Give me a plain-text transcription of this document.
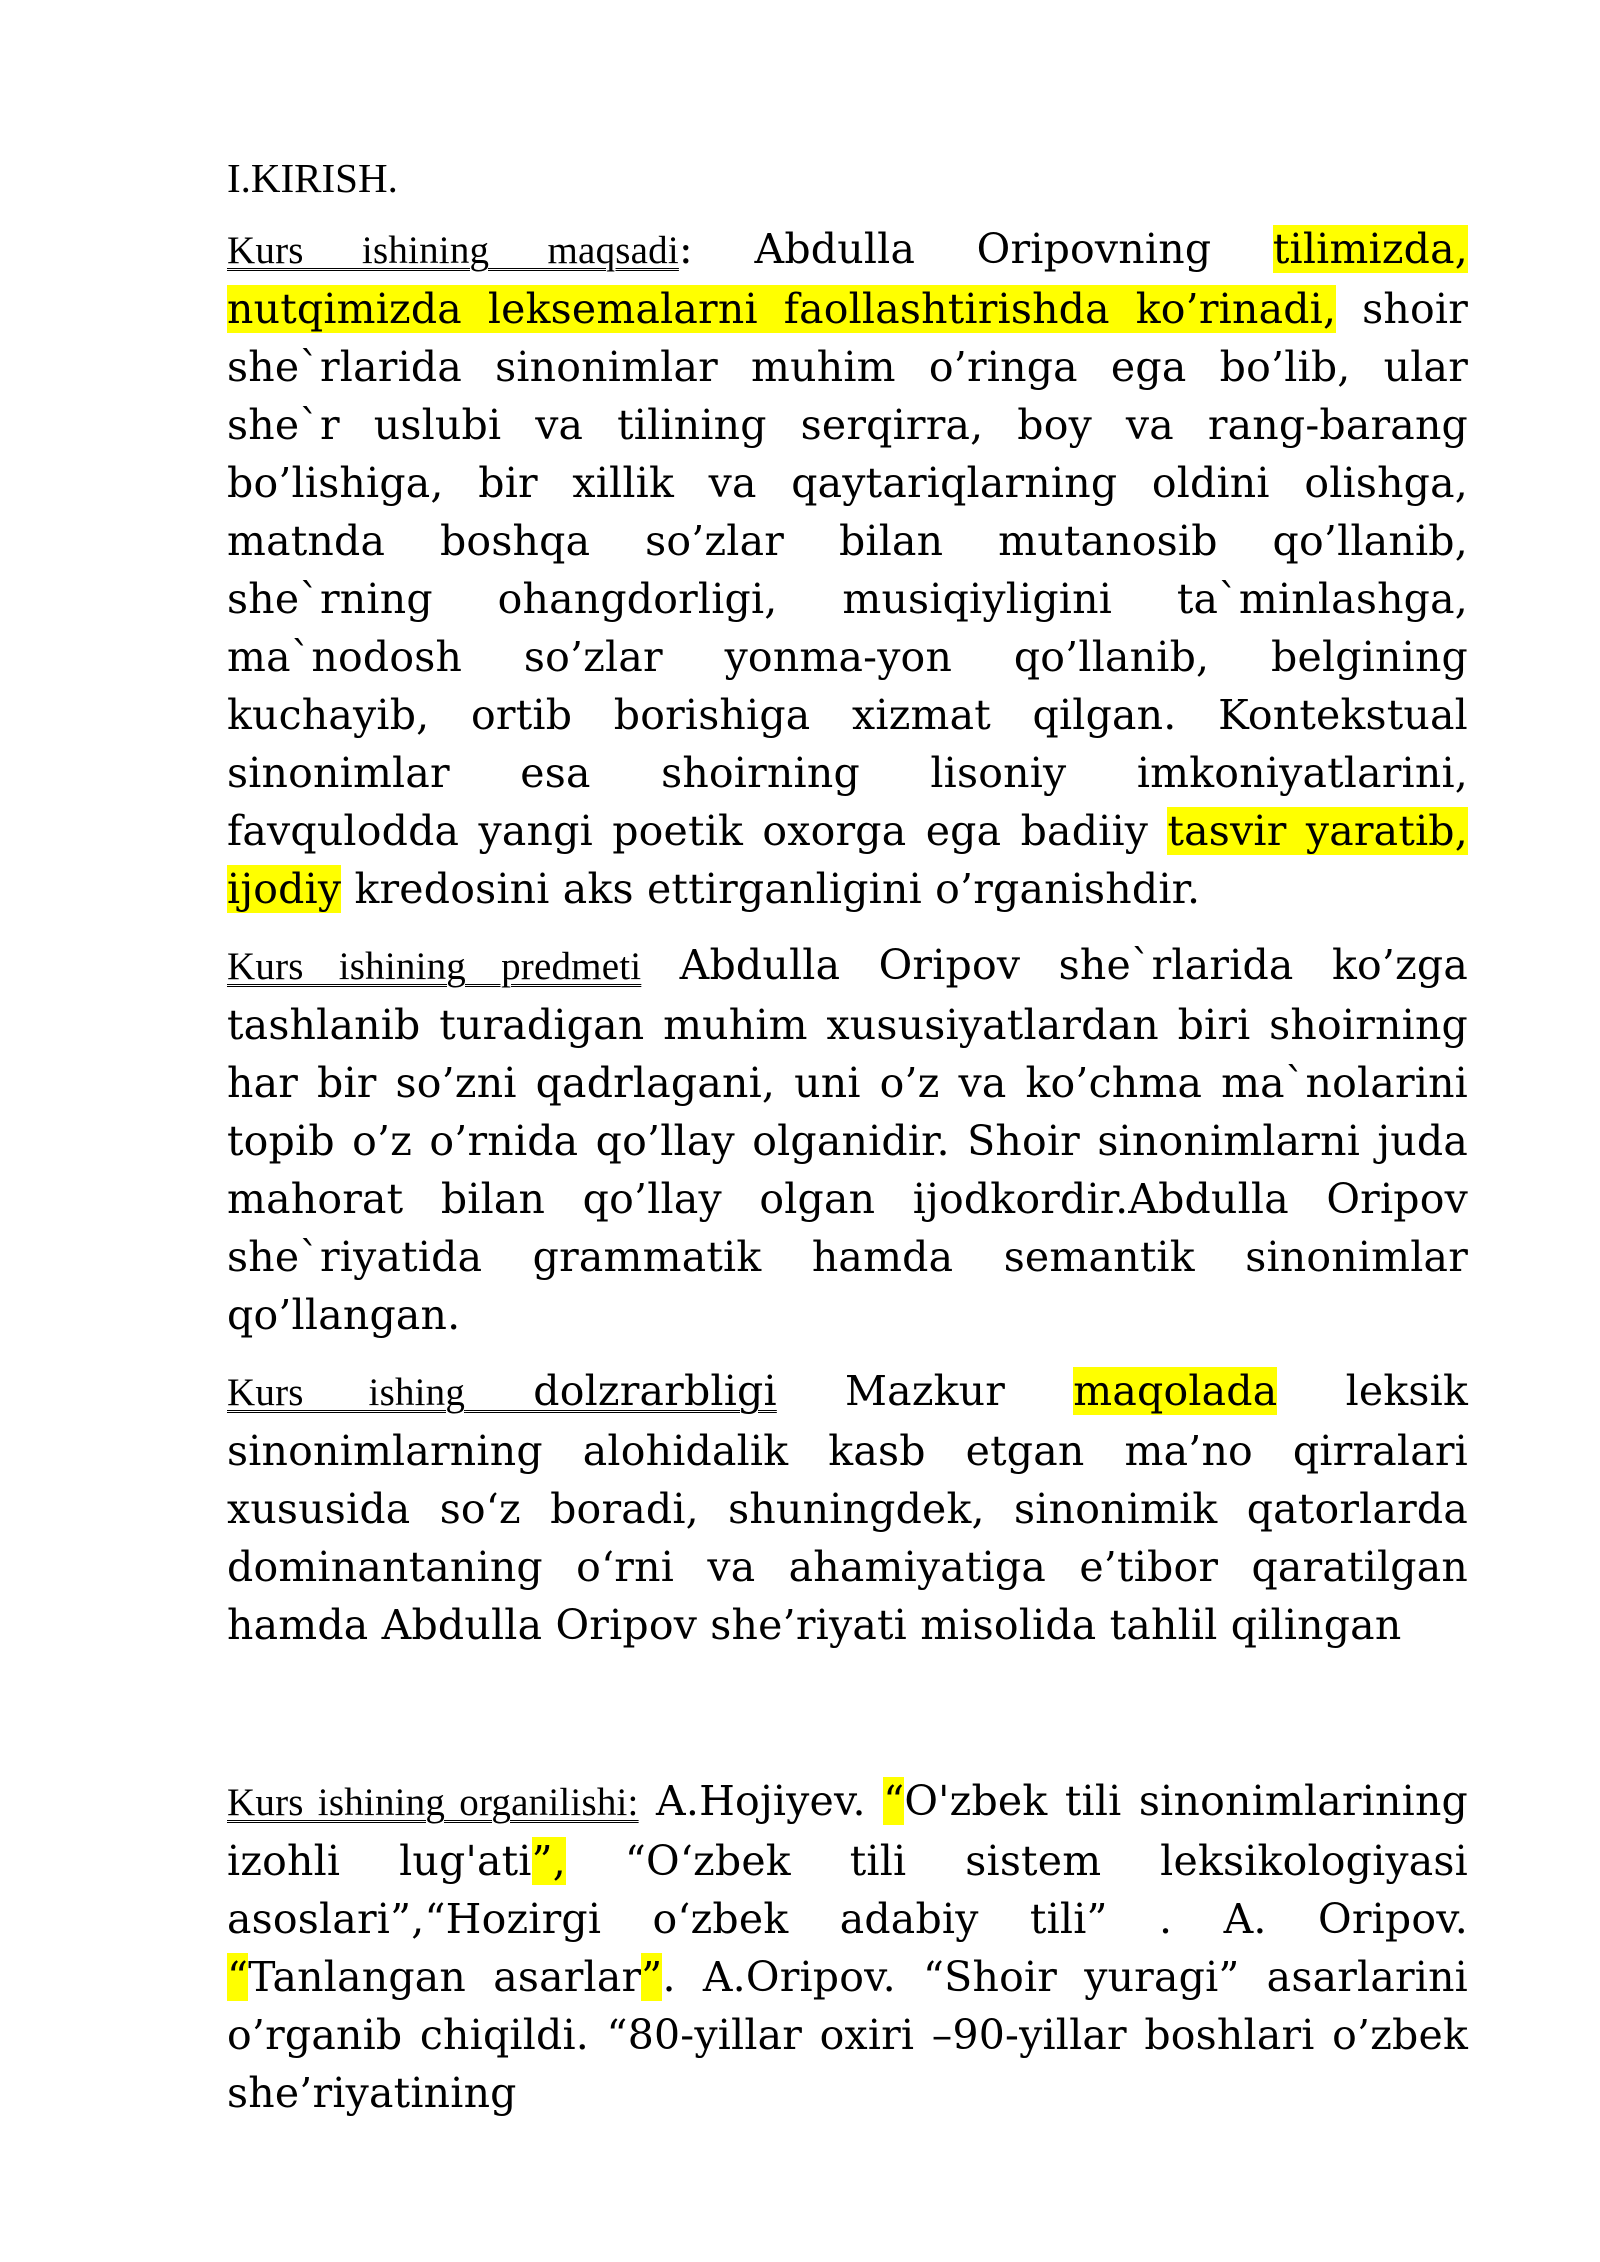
I.KIRISH.

Kurs ishining maqsadi: Abdulla Oripovning tilimizda, nutqimizda leksemalarni faollashtirishda ko’rinadi, shoir she`rlarida sinonimlar muhim o’ringa ega bo’lib, ular she`r uslubi va tilining serqirra, boy va rang-barang bo’lishiga, bir xillik va qaytariqlarning oldini olishga, matnda boshqa so’zlar bilan mutanosib qo’llanib, she`rning ohangdorligi, musiqiyligini ta`minlashga, ma`nodosh so’zlar yonma-yon qo’llanib, belgining kuchayib, ortib borishiga xizmat qilgan. Kontekstual sinonimlar esa shoirning lisoniy imkoniyatlarini, favqulodda yangi poetik oxorga ega badiiy tasvir yaratib, ijodiy kredosini aks ettirganligini o’rganishdir.

Kurs ishining predmeti Abdulla Oripov she`rlarida ko’zga tashlanib turadigan muhim xususiyatlardan biri shoirning har bir so’zni qadrlagani, uni o’z va ko’chma ma`nolarini topib o’z o’rnida qo’llay olganidir. Shoir sinonimlarni juda mahorat bilan qo’llay olgan ijodkordir.Abdulla Oripov she`riyatida grammatik hamda semantik sinonimlar qo’llangan.

Kurs ishing dolzrarbligi Mazkur maqolada leksik sinonimlarning alohidalik kasb etgan ma’no qirralari xususida so‘z boradi, shuningdek, sinonimik qatorlarda dominantaning o‘rni va ahamiyatiga e’tibor qaratilgan hamda Abdulla Oripov she’riyati misolida tahlil qilingan

Kurs ishining organilishi: A.Hojiyev. “O'zbek tili sinonimlarining izohli lug'ati”, “O‘zbek tili sistem leksikologiyasi asoslari”,“Hozirgi o‘zbek adabiy tili” . A. Oripov. “Tanlangan asarlar”. A.Oripov. “Shoir yuragi” asarlarini o’rganib chiqildi. “80-yillar oxiri –90-yillar boshlari o’zbek she’riyatining
